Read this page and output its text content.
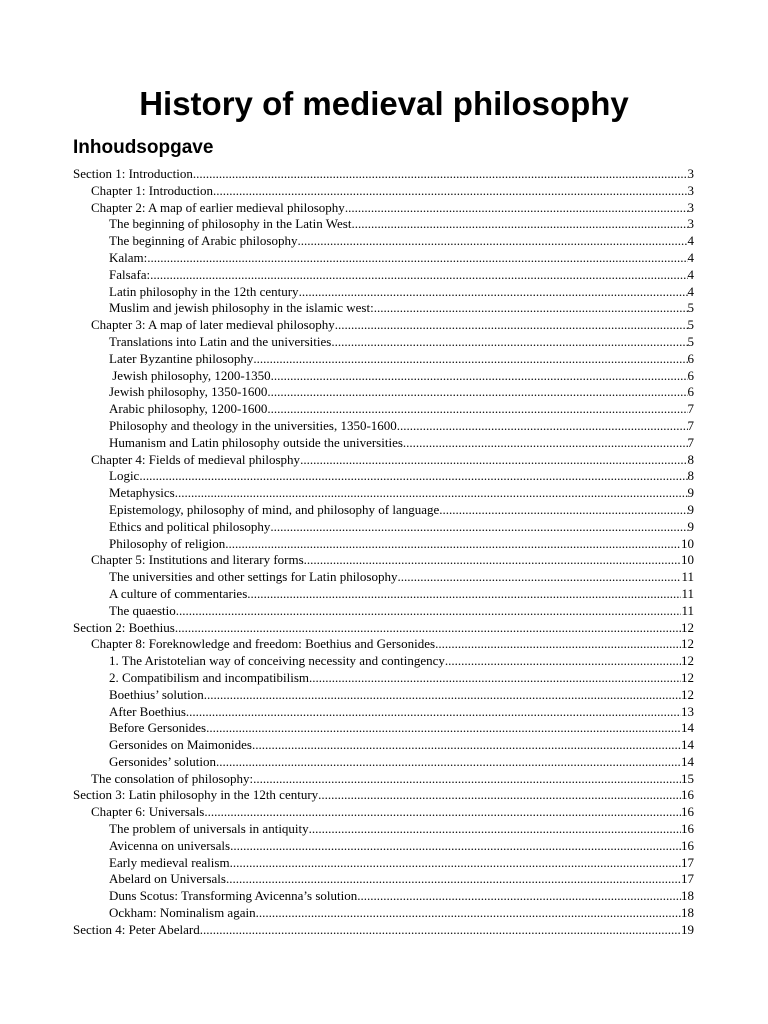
History of medieval philosophy
Inhoudsopgave
Section 1: Introduction .....	3
Chapter 1: Introduction .....	3
Chapter 2: A map of earlier medieval philosophy .....	3
The beginning of philosophy in the Latin West .....	3
The beginning of Arabic philosophy .....	4
Kalam: .....	4
Falsafa: .....	4
Latin philosophy in the 12th century .....	4
Muslim and jewish philosophy in the islamic west: .....	5
Chapter 3: A map of later medieval philosophy .....	5
Translations into Latin and the universities .....	5
Later Byzantine philosophy .....	6
Jewish philosophy, 1200-1350 .....	6
Jewish philosophy, 1350-1600 .....	6
Arabic philosophy, 1200-1600 .....	7
Philosophy and theology in the universities, 1350-1600 .....	7
Humanism and Latin philosophy outside the universities .....	7
Chapter 4: Fields of medieval philosphy .....	8
Logic .....	8
Metaphysics .....	9
Epistemology, philosophy of mind, and philosophy of language .....	9
Ethics and political philosophy .....	9
Philosophy of religion .....	10
Chapter 5: Institutions and literary forms .....	10
The universities and other settings for Latin philosophy .....	11
A culture of commentaries .....	11
The quaestio .....	11
Section 2: Boethius .....	12
Chapter 8: Foreknowledge and freedom: Boethius and Gersonides .....	12
1. The Aristotelian way of conceiving necessity and contingency .....	12
2. Compatibilism and incompatibilism .....	12
Boethius’ solution .....	12
After Boethius .....	13
Before Gersonides .....	14
Gersonides on Maimonides .....	14
Gersonides’ solution .....	14
The consolation of philosophy: .....	15
Section 3: Latin philosophy in the 12th century .....	16
Chapter 6: Universals .....	16
The problem of universals in antiquity .....	16
Avicenna on universals .....	16
Early medieval realism .....	17
Abelard on Universals .....	17
Duns Scotus: Transforming Avicenna’s solution .....	18
Ockham: Nominalism again .....	18
Section 4: Peter Abelard .....	19
